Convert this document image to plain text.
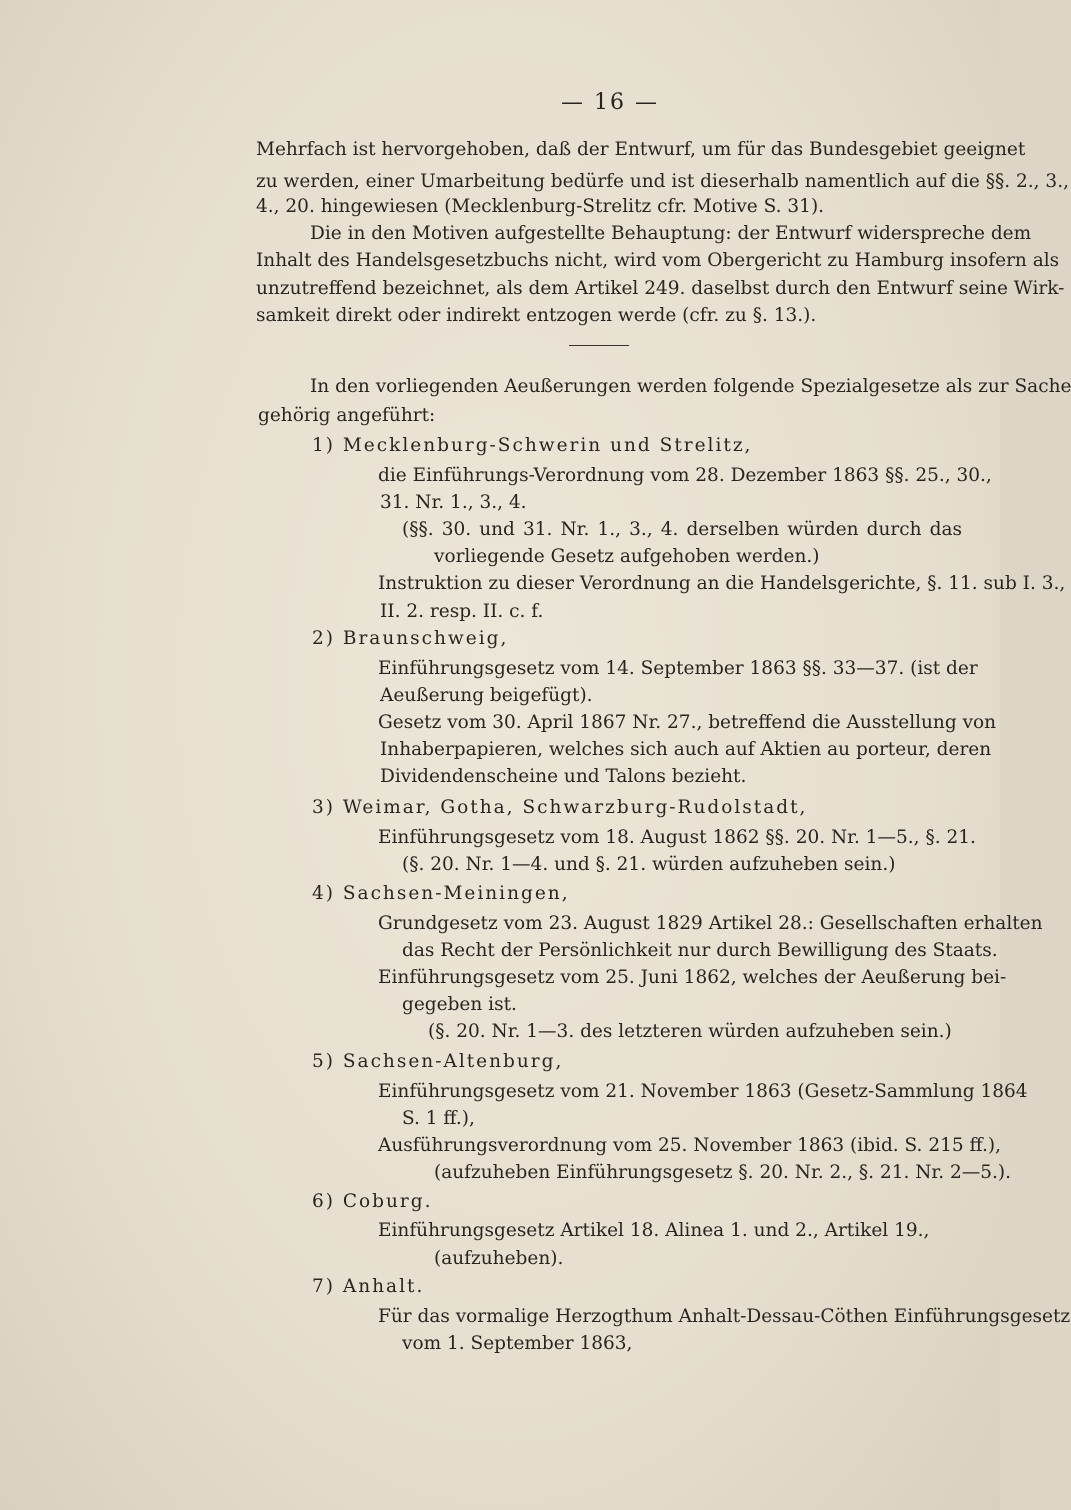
— 16 —
Mehrfach ist hervorgehoben, daß der Entwurf, um für das Bundesgebiet geeignet
zu werden, einer Umarbeitung bedürfe und ist dieserhalb namentlich auf die §§. 2., 3.,
4., 20. hingewiesen (Mecklenburg-Strelitz cfr. Motive S. 31).
Die in den Motiven aufgestellte Behauptung: der Entwurf widerspreche dem
Inhalt des Handelsgesetzbuchs nicht, wird vom Obergericht zu Hamburg insofern als
unzutreffend bezeichnet, als dem Artikel 249. daselbst durch den Entwurf seine Wirk-
samkeit direkt oder indirekt entzogen werde (cfr. zu §. 13.).
In den vorliegenden Aeußerungen werden folgende Spezialgesetze als zur Sache
gehörig angeführt:
1) Mecklenburg-Schwerin und Strelitz,
die Einführungs-Verordnung vom 28. Dezember 1863 §§. 25., 30.,
31. Nr. 1., 3., 4.
(§§. 30. und 31. Nr. 1., 3., 4. derselben würden durch das
vorliegende Gesetz aufgehoben werden.)
Instruktion zu dieser Verordnung an die Handelsgerichte, §. 11. sub I. 3.,
II. 2. resp. II. c. f.
2) Braunschweig,
Einführungsgesetz vom 14. September 1863 §§. 33—37. (ist der
Aeußerung beigefügt).
Gesetz vom 30. April 1867 Nr. 27., betreffend die Ausstellung von
Inhaberpapieren, welches sich auch auf Aktien au porteur, deren
Dividendenscheine und Talons bezieht.
3) Weimar, Gotha, Schwarzburg-Rudolstadt,
Einführungsgesetz vom 18. August 1862 §§. 20. Nr. 1—5., §. 21.
(§. 20. Nr. 1—4. und §. 21. würden aufzuheben sein.)
4) Sachsen-Meiningen,
Grundgesetz vom 23. August 1829 Artikel 28.: Gesellschaften erhalten
das Recht der Persönlichkeit nur durch Bewilligung des Staats.
Einführungsgesetz vom 25. Juni 1862, welches der Aeußerung bei-
gegeben ist.
(§. 20. Nr. 1—3. des letzteren würden aufzuheben sein.)
5) Sachsen-Altenburg,
Einführungsgesetz vom 21. November 1863 (Gesetz-Sammlung 1864
S. 1 ff.),
Ausführungsverordnung vom 25. November 1863 (ibid. S. 215 ff.),
(aufzuheben Einführungsgesetz §. 20. Nr. 2., §. 21. Nr. 2—5.).
6) Coburg.
Einführungsgesetz Artikel 18. Alinea 1. und 2., Artikel 19.,
(aufzuheben).
7) Anhalt.
Für das vormalige Herzogthum Anhalt-Dessau-Cöthen Einführungsgesetz
vom 1. September 1863,
